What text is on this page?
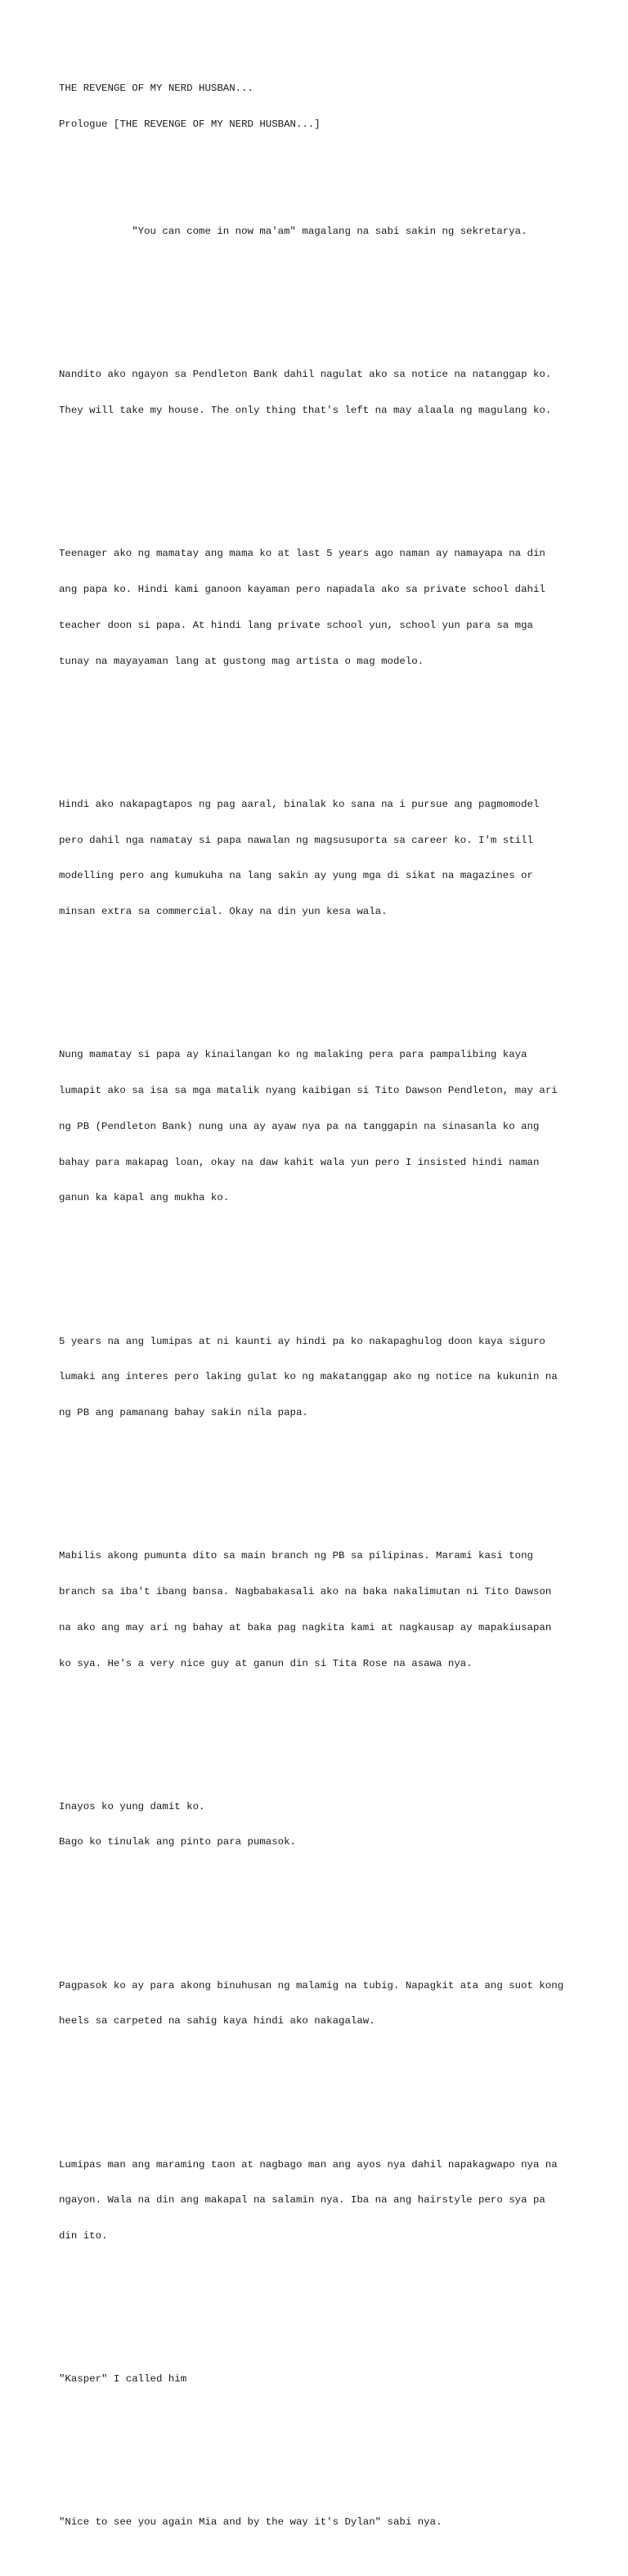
THE REVENGE OF MY NERD HUSBAN...

Prologue [THE REVENGE OF MY NERD HUSBAN...]

"You can come in now ma'am" magalang na sabi sakin ng sekretarya.

Nandito ako ngayon sa Pendleton Bank dahil nagulat ako sa notice na natanggap ko.

They will take my house. The only thing that's left na may alaala ng magulang ko.

Teenager ako ng mamatay ang mama ko at last 5 years ago naman ay namayapa na din

ang papa ko. Hindi kami ganoon kayaman pero napadala ako sa private school dahil

teacher doon si papa. At hindi lang private school yun, school yun para sa mga

tunay na mayayaman lang at gustong mag artista o mag modelo.

Hindi ako nakapagtapos ng pag aaral, binalak ko sana na i pursue ang pagmomodel

pero dahil nga namatay si papa nawalan ng magsusuporta sa career ko. I'm still

modelling pero ang kumukuha na lang sakin ay yung mga di sikat na magazines or

minsan extra sa commercial. Okay na din yun kesa wala.

Nung mamatay si papa ay kinailangan ko ng malaking pera para pampalibing kaya

lumapit ako sa isa sa mga matalik nyang kaibigan si Tito Dawson Pendleton, may ari

ng PB (Pendleton Bank) nung una ay ayaw nya pa na tanggapin na sinasanla ko ang

bahay para makapag loan, okay na daw kahit wala yun pero I insisted hindi naman

ganun ka kapal ang mukha ko.

5 years na ang lumipas at ni kaunti ay hindi pa ko nakapaghulog doon kaya siguro

lumaki ang interes pero laking gulat ko ng makatanggap ako ng notice na kukunin na

ng PB ang pamanang bahay sakin nila papa.

Mabilis akong pumunta dito sa main branch ng PB sa pilipinas. Marami kasi tong

branch sa iba't ibang bansa. Nagbabakasali ako na baka nakalimutan ni Tito Dawson

na ako ang may ari ng bahay at baka pag nagkita kami at nagkausap ay mapakiusapan

ko sya. He's a very nice guy at ganun din si Tita Rose na asawa nya.

Inayos ko yung damit ko.

Bago ko tinulak ang pinto para pumasok.

Pagpasok ko ay para akong binuhusan ng malamig na tubig. Napagkit ata ang suot kong

heels sa carpeted na sahig kaya hindi ako nakagalaw.

Lumipas man ang maraming taon at nagbago man ang ayos nya dahil napakagwapo nya na

ngayon. Wala na din ang makapal na salamin nya. Iba na ang hairstyle pero sya pa

din ito.

"Kasper" I called him

"Nice to see you again Mia and by the way it's Dylan" sabi nya.
